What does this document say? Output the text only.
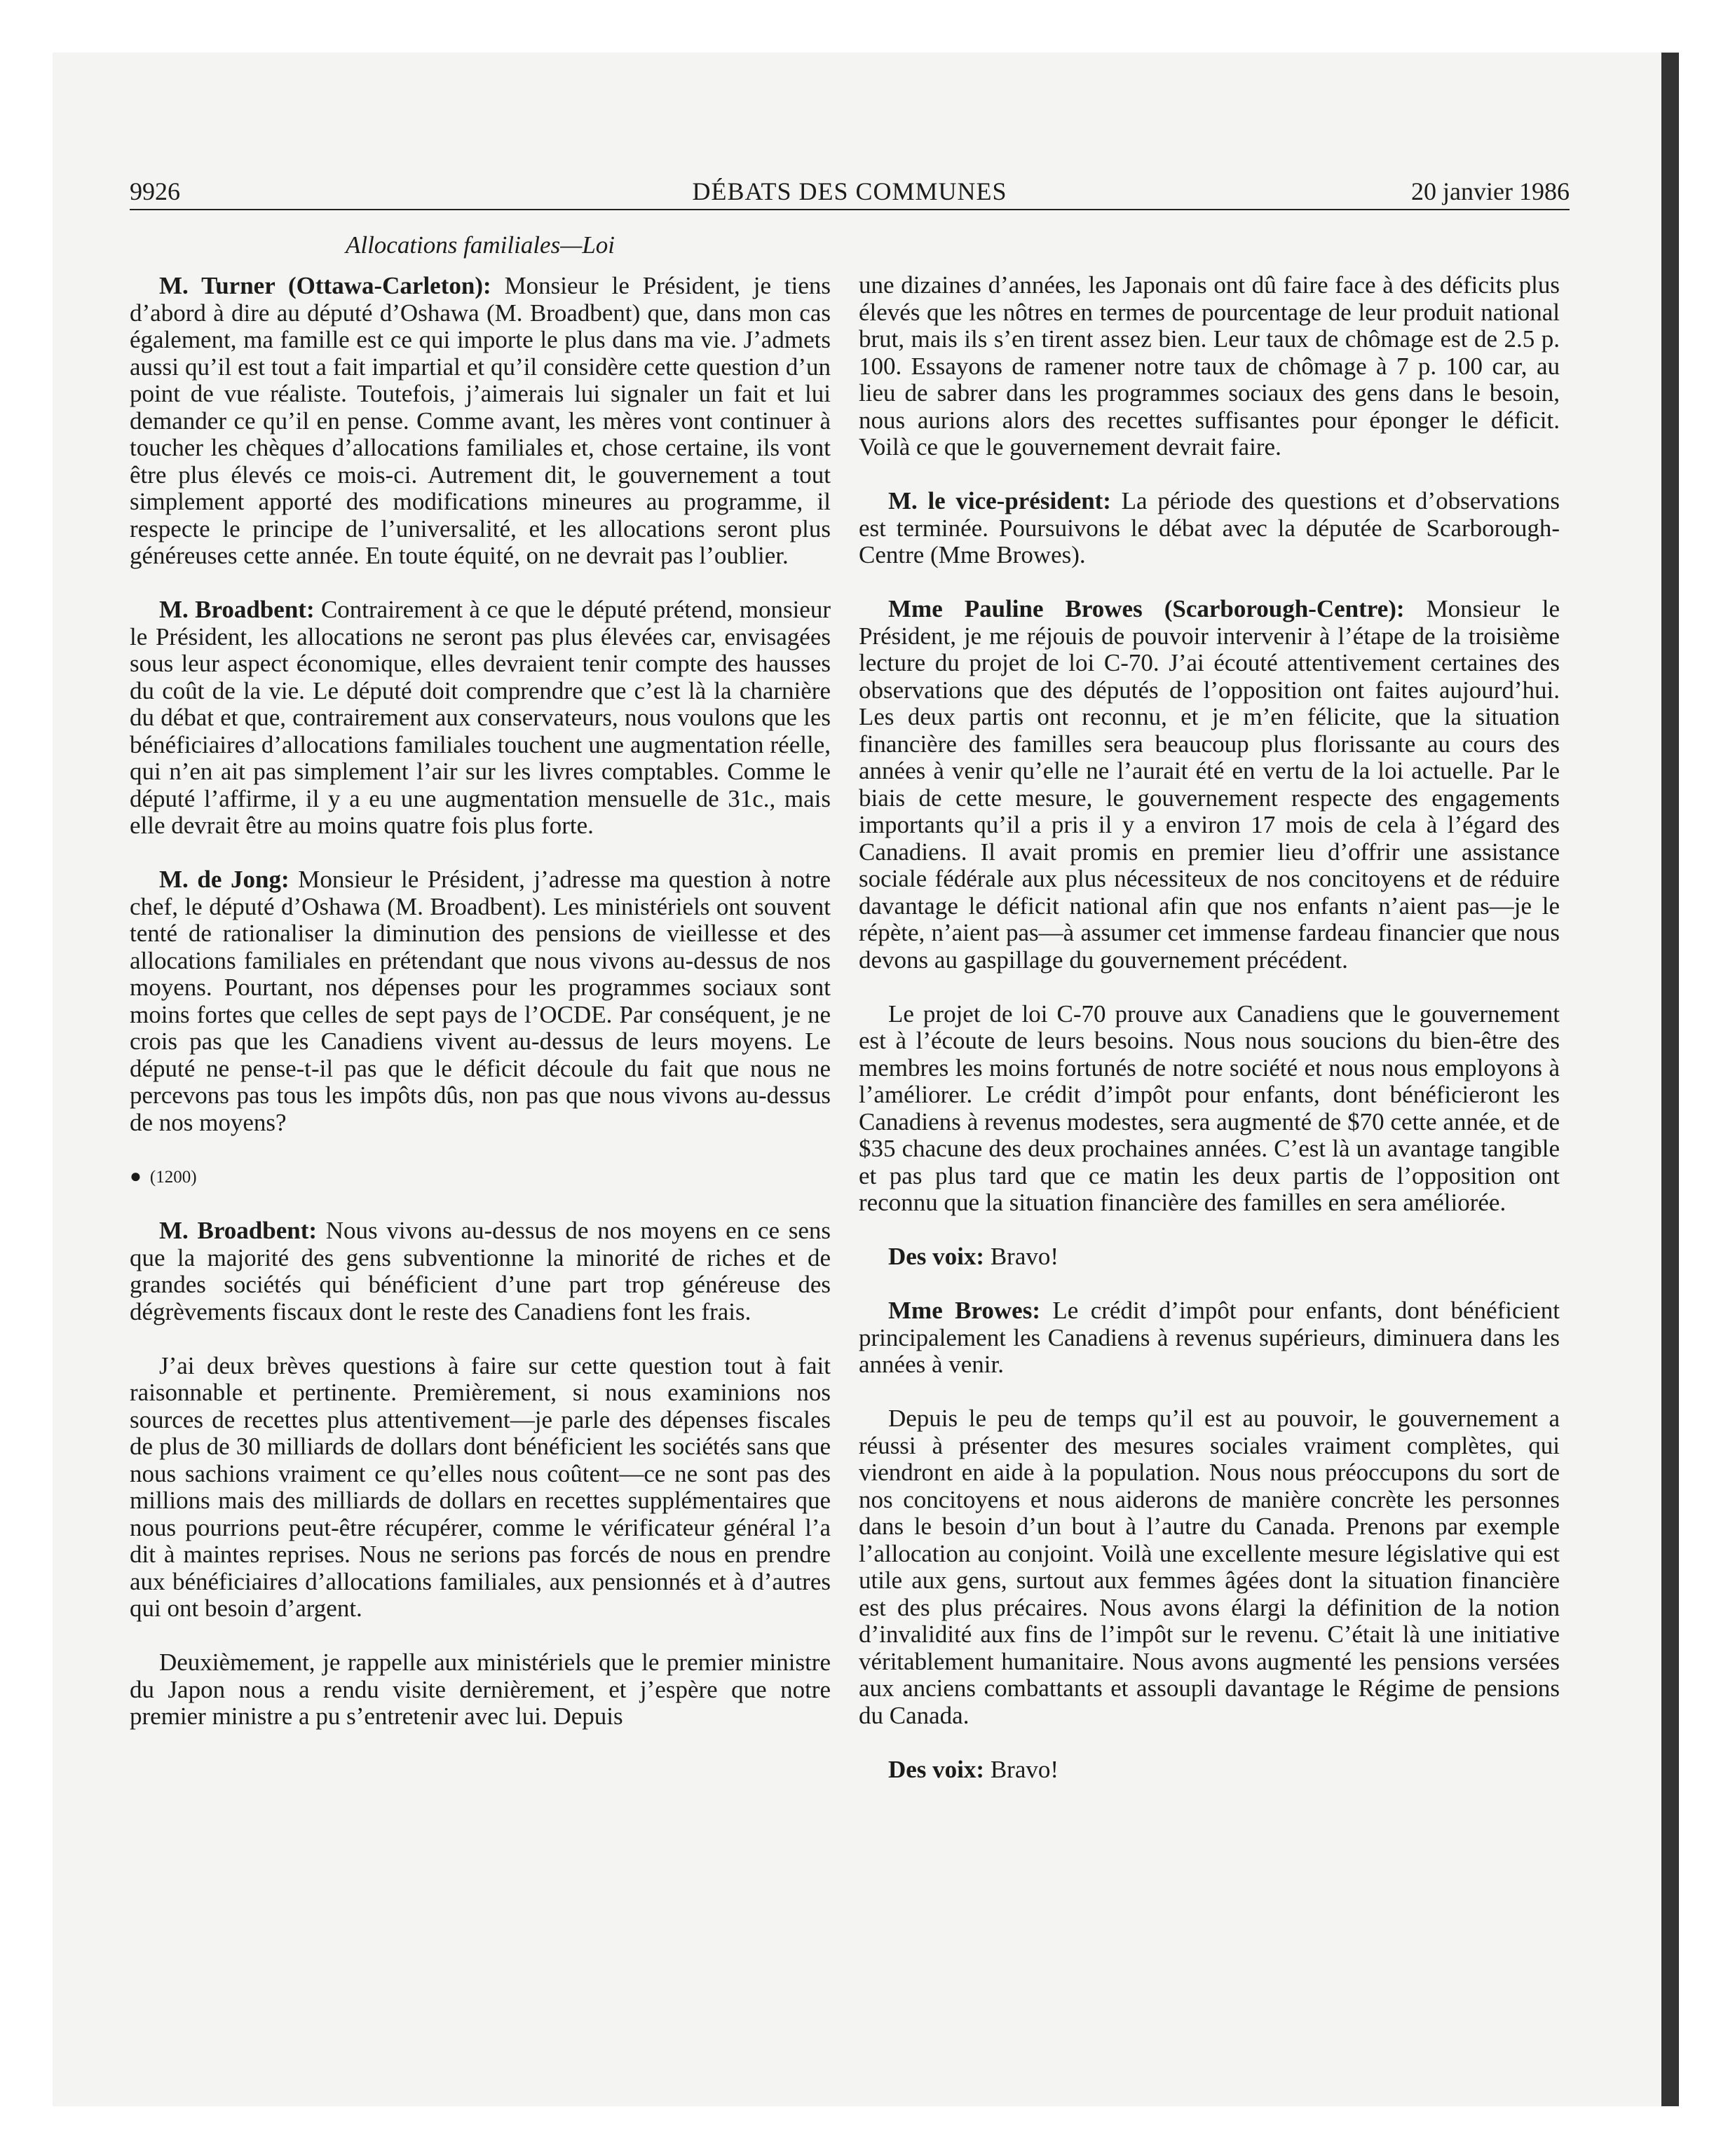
9926	DÉBATS DES COMMUNES	20 janvier 1986
Allocations familiales—Loi

M. Turner (Ottawa-Carleton): Monsieur le Président, je tiens d’abord à dire au député d’Oshawa (M. Broadbent) que, dans mon cas également, ma famille est ce qui importe le plus dans ma vie. J’admets aussi qu’il est tout a fait impartial et qu’il considère cette question d’un point de vue réaliste. Toutefois, j’aimerais lui signaler un fait et lui demander ce qu’il en pense. Comme avant, les mères vont continuer à toucher les chèques d’allocations familiales et, chose certaine, ils vont être plus élevés ce mois-ci. Autrement dit, le gouvernement a tout simplement apporté des modifications mineures au programme, il respecte le principe de l’universalité, et les allocations seront plus généreuses cette année. En toute équité, on ne devrait pas l’oublier.

M. Broadbent: Contrairement à ce que le député prétend, monsieur le Président, les allocations ne seront pas plus élevées car, envisagées sous leur aspect économique, elles devraient tenir compte des hausses du coût de la vie. Le député doit comprendre que c’est là la charnière du débat et que, contrairement aux conservateurs, nous voulons que les bénéficiaires d’allocations familiales touchent une augmentation réelle, qui n’en ait pas simplement l’air sur les livres comptables. Comme le député l’affirme, il y a eu une augmentation mensuelle de 31c., mais elle devrait être au moins quatre fois plus forte.

M. de Jong: Monsieur le Président, j’adresse ma question à notre chef, le député d’Oshawa (M. Broadbent). Les ministériels ont souvent tenté de rationaliser la diminution des pensions de vieillesse et des allocations familiales en prétendant que nous vivons au-dessus de nos moyens. Pourtant, nos dépenses pour les programmes sociaux sont moins fortes que celles de sept pays de l’OCDE. Par conséquent, je ne crois pas que les Canadiens vivent au-dessus de leurs moyens. Le député ne pense-t-il pas que le déficit découle du fait que nous ne percevons pas tous les impôts dûs, non pas que nous vivons au-dessus de nos moyens?

● (1200)

M. Broadbent: Nous vivons au-dessus de nos moyens en ce sens que la majorité des gens subventionne la minorité de riches et de grandes sociétés qui bénéficient d’une part trop généreuse des dégrèvements fiscaux dont le reste des Canadiens font les frais.

J’ai deux brèves questions à faire sur cette question tout à fait raisonnable et pertinente. Premièrement, si nous examinions nos sources de recettes plus attentivement—je parle des dépenses fiscales de plus de 30 milliards de dollars dont bénéficient les sociétés sans que nous sachions vraiment ce qu’elles nous coûtent—ce ne sont pas des millions mais des milliards de dollars en recettes supplémentaires que nous pourrions peut-être récupérer, comme le vérificateur général l’a dit à maintes reprises. Nous ne serions pas forcés de nous en prendre aux bénéficiaires d’allocations familiales, aux pensionnés et à d’autres qui ont besoin d’argent.

Deuxièmement, je rappelle aux ministériels que le premier ministre du Japon nous a rendu visite dernièrement, et j’espère que notre premier ministre a pu s’entretenir avec lui. Depuis

une dizaines d’années, les Japonais ont dû faire face à des déficits plus élevés que les nôtres en termes de pourcentage de leur produit national brut, mais ils s’en tirent assez bien. Leur taux de chômage est de 2.5 p. 100. Essayons de ramener notre taux de chômage à 7 p. 100 car, au lieu de sabrer dans les programmes sociaux des gens dans le besoin, nous aurions alors des recettes suffisantes pour éponger le déficit. Voilà ce que le gouvernement devrait faire.

M. le vice-président: La période des questions et d’observations est terminée. Poursuivons le débat avec la députée de Scarborough-Centre (Mme Browes).

Mme Pauline Browes (Scarborough-Centre): Monsieur le Président, je me réjouis de pouvoir intervenir à l’étape de la troisième lecture du projet de loi C-70. J’ai écouté attentivement certaines des observations que des députés de l’opposition ont faites aujourd’hui. Les deux partis ont reconnu, et je m’en félicite, que la situation financière des familles sera beaucoup plus florissante au cours des années à venir qu’elle ne l’aurait été en vertu de la loi actuelle. Par le biais de cette mesure, le gouvernement respecte des engagements importants qu’il a pris il y a environ 17 mois de cela à l’égard des Canadiens. Il avait promis en premier lieu d’offrir une assistance sociale fédérale aux plus nécessiteux de nos concitoyens et de réduire davantage le déficit national afin que nos enfants n’aient pas—je le répète, n’aient pas—à assumer cet immense fardeau financier que nous devons au gaspillage du gouvernement précédent.

Le projet de loi C-70 prouve aux Canadiens que le gouvernement est à l’écoute de leurs besoins. Nous nous soucions du bien-être des membres les moins fortunés de notre société et nous nous employons à l’améliorer. Le crédit d’impôt pour enfants, dont bénéficieront les Canadiens à revenus modestes, sera augmenté de $70 cette année, et de $35 chacune des deux prochaines années. C’est là un avantage tangible et pas plus tard que ce matin les deux partis de l’opposition ont reconnu que la situation financière des familles en sera améliorée.

Des voix: Bravo!

Mme Browes: Le crédit d’impôt pour enfants, dont bénéficient principalement les Canadiens à revenus supérieurs, diminuera dans les années à venir.

Depuis le peu de temps qu’il est au pouvoir, le gouvernement a réussi à présenter des mesures sociales vraiment complètes, qui viendront en aide à la population. Nous nous préoccupons du sort de nos concitoyens et nous aiderons de manière concrète les personnes dans le besoin d’un bout à l’autre du Canada. Prenons par exemple l’allocation au conjoint. Voilà une excellente mesure législative qui est utile aux gens, surtout aux femmes âgées dont la situation financière est des plus précaires. Nous avons élargi la définition de la notion d’invalidité aux fins de l’impôt sur le revenu. C’était là une initiative véritablement humanitaire. Nous avons augmenté les pensions versées aux anciens combattants et assoupli davantage le Régime de pensions du Canada.

Des voix: Bravo!
